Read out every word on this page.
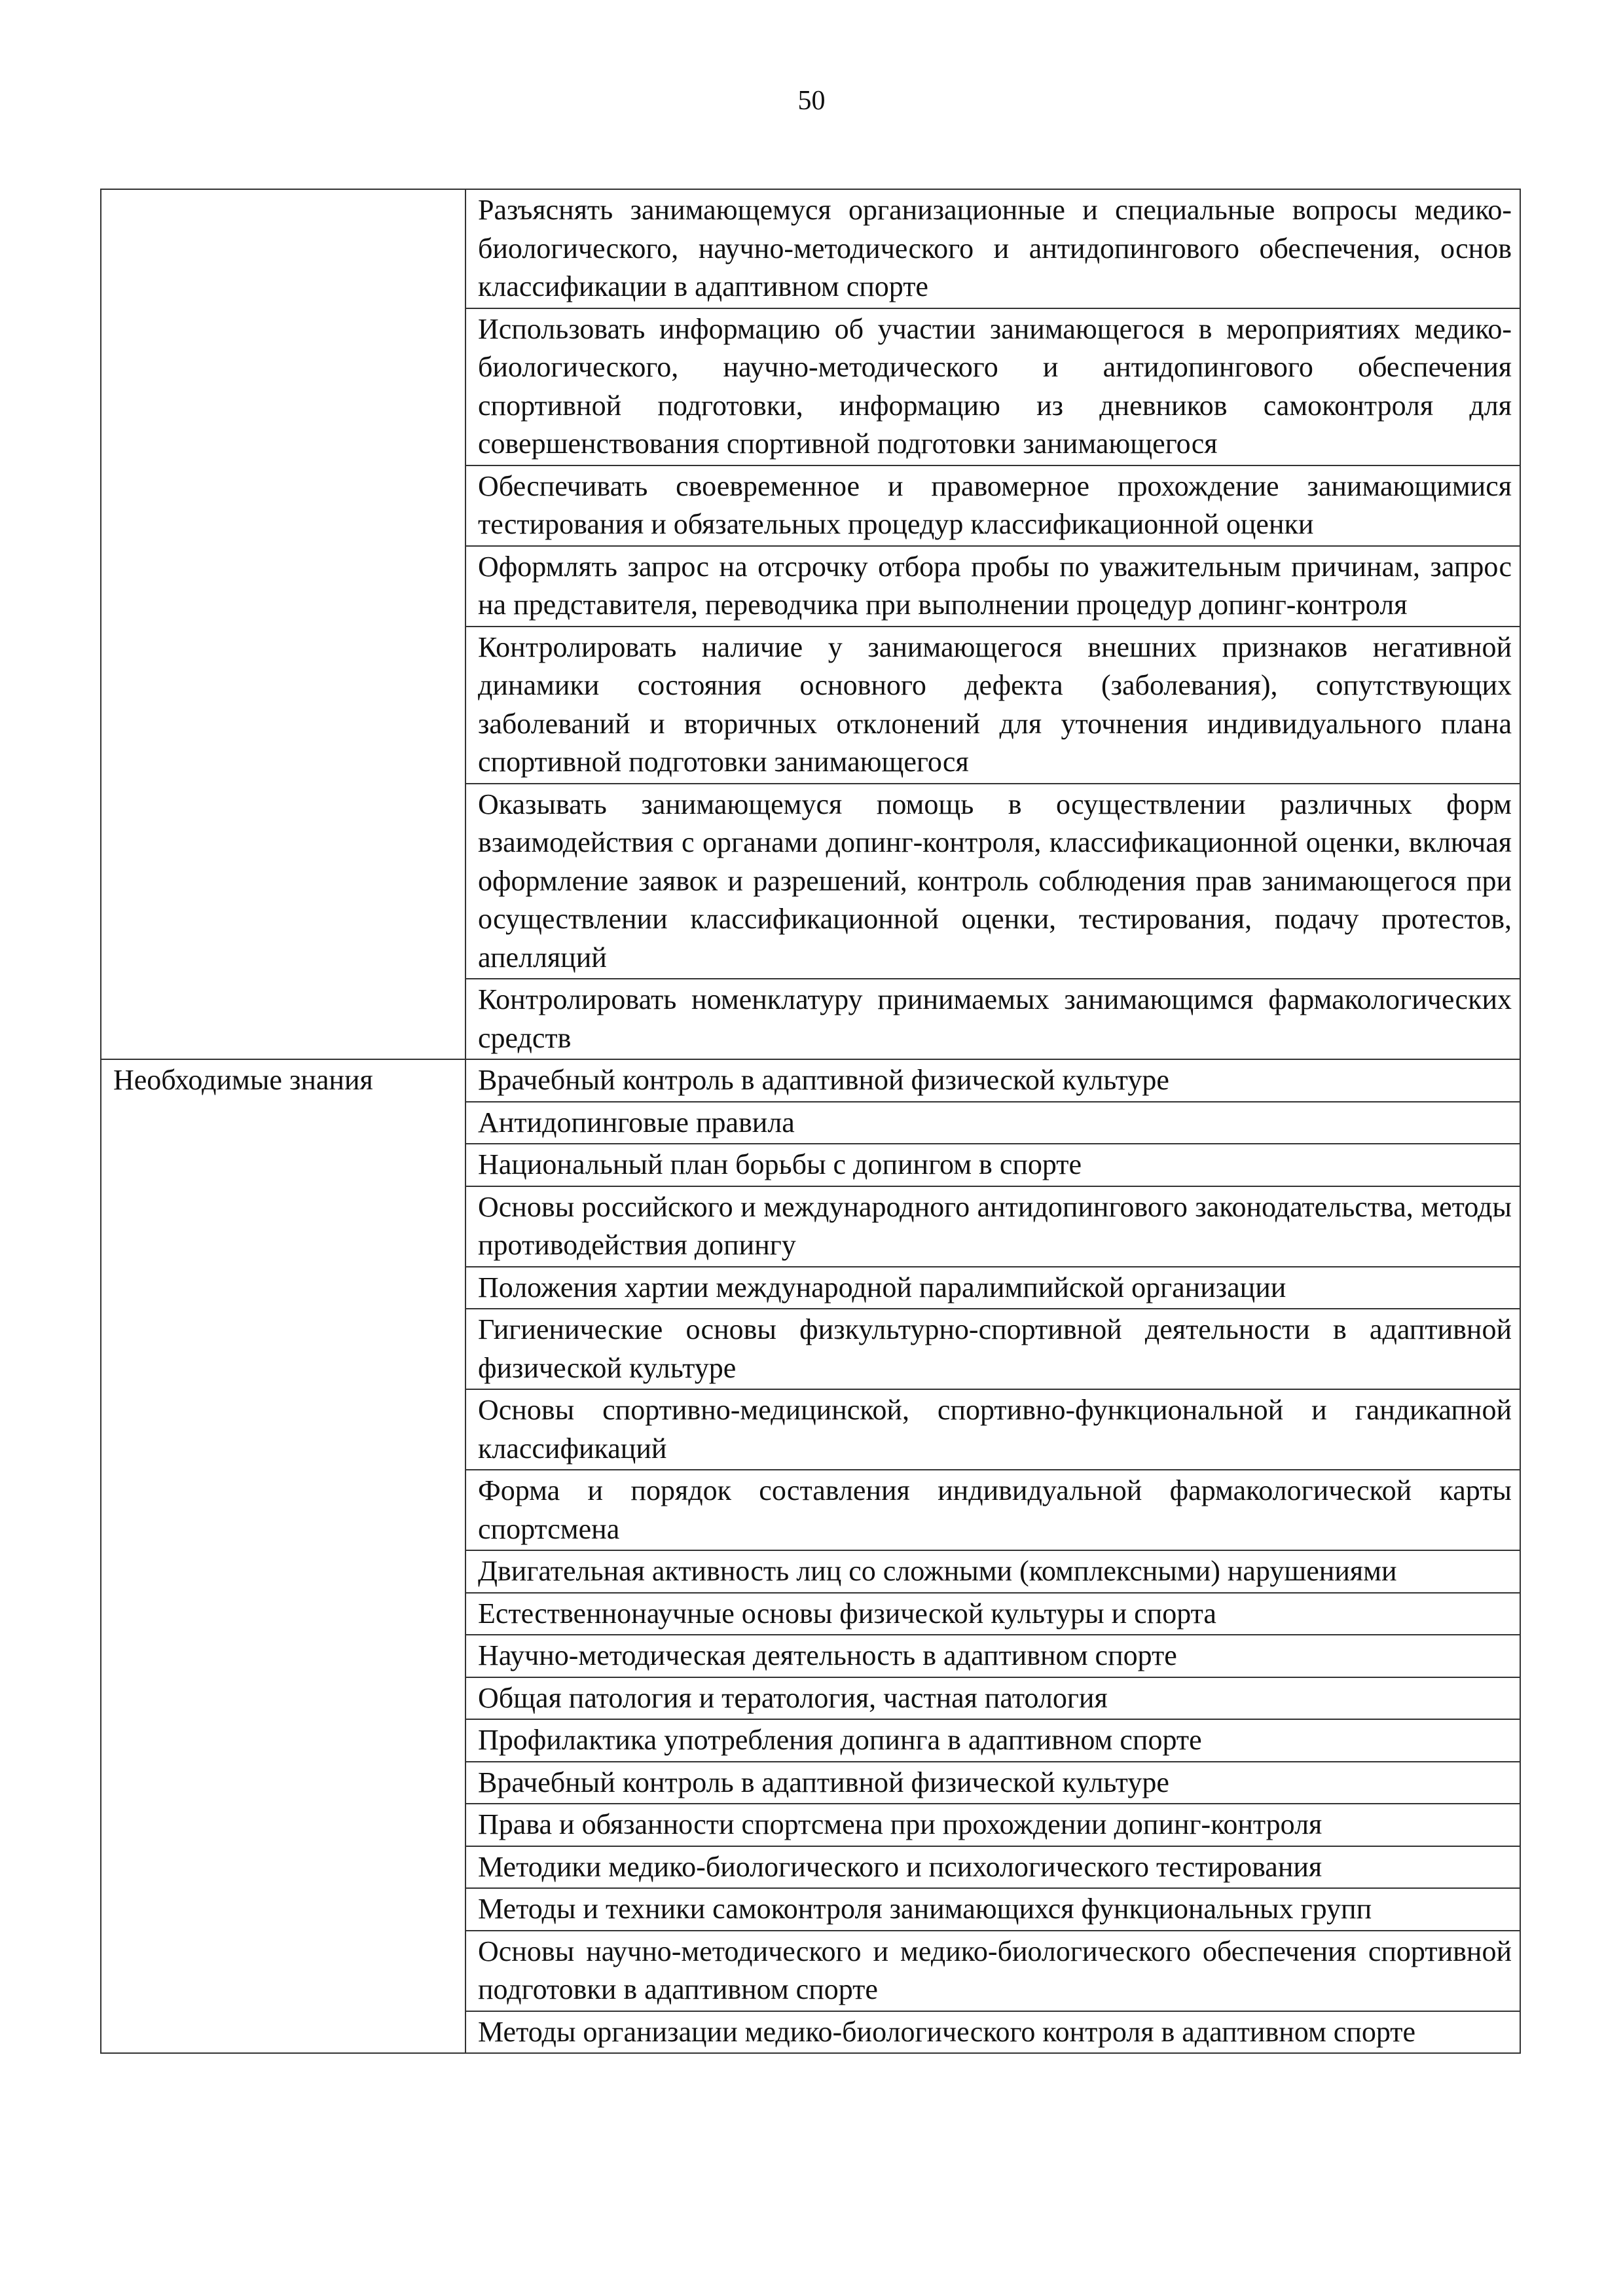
50
	Разъяснять занимающемуся организационные и специальные вопросы медико-биологического, научно-методического и антидопингового обеспечения, основ классификации в адаптивном спорте
	Использовать информацию об участии занимающегося в мероприятиях медико-биологического, научно-методического и антидопингового обеспечения спортивной подготовки, информацию из дневников самоконтроля для совершенствования спортивной подготовки занимающегося
	Обеспечивать своевременное и правомерное прохождение занимающимися тестирования и обязательных процедур классификационной оценки
	Оформлять запрос на отсрочку отбора пробы по уважительным причинам, запрос на представителя, переводчика при выполнении процедур допинг-контроля
	Контролировать наличие у занимающегося внешних признаков негативной динамики состояния основного дефекта (заболевания), сопутствующих заболеваний и вторичных отклонений для уточнения индивидуального плана спортивной подготовки занимающегося
	Оказывать занимающемуся помощь в осуществлении различных форм взаимодействия с органами допинг-контроля, классификационной оценки, включая оформление заявок и разрешений, контроль соблюдения прав занимающегося при осуществлении классификационной оценки, тестирования, подачу протестов, апелляций
	Контролировать номенклатуру принимаемых занимающимся фармакологических средств
Необходимые знания	Врачебный контроль в адаптивной физической культуре
	Антидопинговые правила
	Национальный план борьбы с допингом в спорте
	Основы российского и международного антидопингового законодательства, методы противодействия допингу
	Положения хартии международной паралимпийской организации
	Гигиенические основы физкультурно-спортивной деятельности в адаптивной физической культуре
	Основы спортивно-медицинской, спортивно-функциональной и гандикапной классификаций
	Форма и порядок составления индивидуальной фармакологической карты спортсмена
	Двигательная активность лиц со сложными (комплексными) нарушениями
	Естественнонаучные основы физической культуры и спорта
	Научно-методическая деятельность в адаптивном спорте
	Общая патология и тератология, частная патология
	Профилактика употребления допинга в адаптивном спорте
	Врачебный контроль в адаптивной физической культуре
	Права и обязанности спортсмена при прохождении допинг-контроля
	Методики медико-биологического и психологического тестирования
	Методы и техники самоконтроля занимающихся функциональных групп
	Основы научно-методического и медико-биологического обеспечения спортивной подготовки в адаптивном спорте
	Методы организации медико-биологического контроля в адаптивном спорте
